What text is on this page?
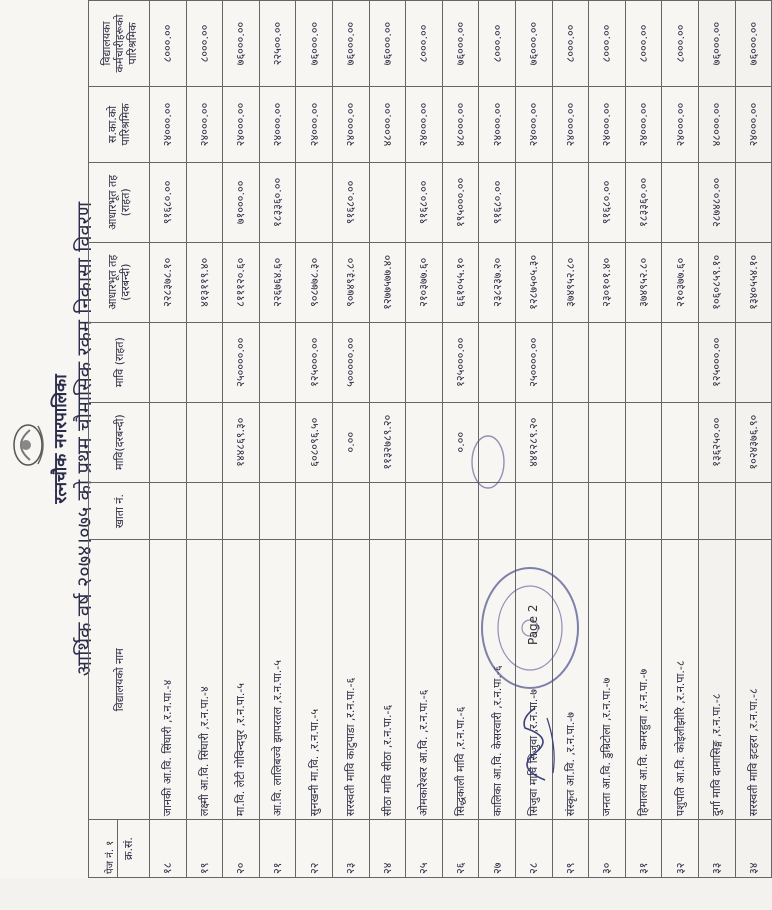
रत्नचौक नगरपालिका आर्थिक वर्ष २०७४।०७५ को प्रथम चौमासिक रकम निकासा विवरण
पेज नं. १ क्र.सं.	विद्यालयको नाम	खाता नं.	मावि(दरबन्दी)	मावि (राहत)	आधारभूत तह (दरबन्दी)	आधारभूत तह (राहत)	स.का.को पारिश्रमिक	विद्यालयका कर्मचारीहरूको पारिश्रमिक
१८	जानकी आ.वि. सिंघारी ,र.न.पा.-४				२२८३७८.१०	९१६८०.००	२४०००.००	८०००.००
१९	लक्ष्मी आ.वि. सिंघारी ,र.न.पा.-४				४१३११९.४०		२४०००.००	८०००.००
२०	मा.वि. लेटी गोविन्दपुर ,र.न.पा.-५		१४४८६९.३०	२५००००.००	८१११२०.६०	७१०००.००	२४०००.००	७६०००.००
२१	आ.वि. लालिबज्वे झापरतल ,र.न.पा.-५				२२६७६४.६०	१८३३६०.००	२४०००.००	२२५००.००
२२	सुनखनी मा.वि. ,र.न.पा.-५		६०८०९६.५०	१२५०००.००	९०८७७८.३०		२४०००.००	७६०००.००
२३	सरस्वती मावि काटुपाडा ,र.न.पा.-६		०.००	५०००००.००	९०७४९३.८०	९१६८०.००	२४०००.००	७६०००.००
२४	सीठा मावि सीठा ,र.न.पा.-६		११३२७८९.२०		१२७७५७७.४०		४८०००.००	७६०००.००
२५	ओमकारेश्वर आ.वि. ,र.न.पा.-६				२१०३७७.६०	९१६८०.००	२४०००.००	८०००.००
२६	सिद्धकाली मावि ,र.न.पा.-६		०.००	१२५०००.००	६६१०५५.१०	१९५०००.००	४८०००.००	७६०००.००
२७	कालिका आ.वि. केसरवारी ,र.न.पा.-६				२३८२३७.२०	९१६८०.००	२४०००.००	८०००.००
२८	सिजुवा मावि सिजुवा ,र.न.पा.-७		४४१२८९.२०	२५००००.००	१२८७५०५.३०		२४०००.००	७६०००.००
२९	संस्कृत आ.वि. ,र.न.पा.-७				३७४९५२.८०		२४०००.००	८०००.००
३०	जनता आ.वि. डुम्रिटोला ,र.न.पा.-७				२३०१०१.४०	९१६८०.००	२४०००.००	८०००.००
३१	हिमालय आ.वि. कमरहुवा ,र.न.पा.-७				३७४९५२.८०	१८३३६०.००	२४०००.००	८०००.००
३२	पशुपति आ.वि. कोइलीझोरि ,र.न.पा.-८				२१०३७७.६०		२४०००.००	८०००.००
३३	दुर्गा मावि दामासिङ्ग ,र.न.पा.-८		१३६२५०.००	१२५०००.००	१०६०८५९.१०	२८७४८०.००	४८०००.००	७६०००.००
३४	सरस्वती मावि इटहरा ,र.न.पा.-८		१०२४३७६.९०		१३४०५५४.१०		२४०००.००	७६०००.००
Page 2
